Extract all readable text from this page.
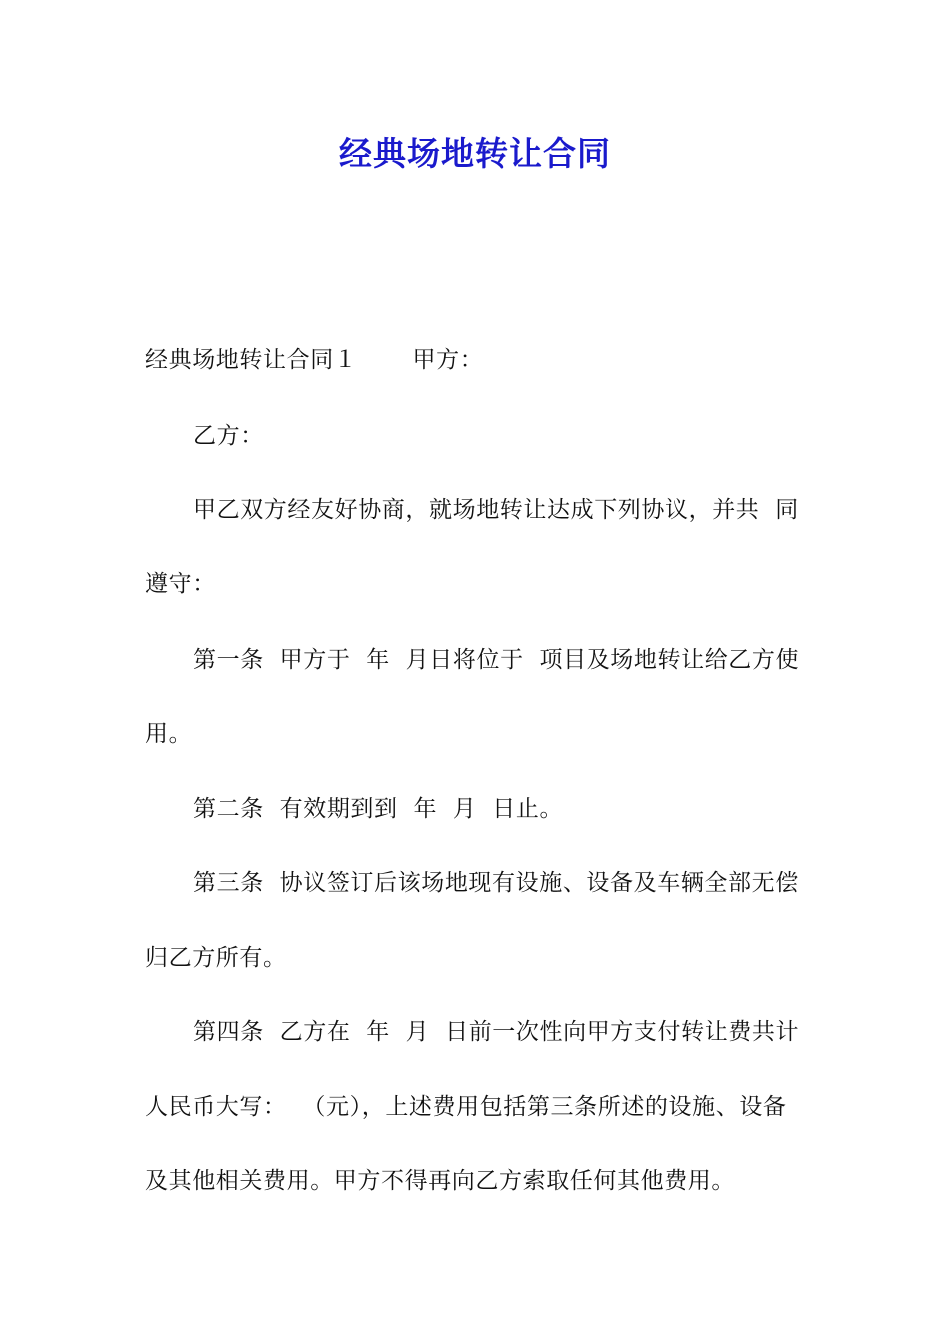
经典场地转让合同
经典场地转让合同１　　 甲方：
乙方：
甲乙双方经友好协商，就场地转让达成下列协议，并共  同
遵守：
第一条  甲方于  年  月日将位于  项目及场地转让给乙方使
用。
第二条  有效期到到  年  月  日止。
第三条  协议签订后该场地现有设施、设备及车辆全部无偿
归乙方所有。
第四条  乙方在  年  月  日前一次性向甲方支付转让费共计
人民币大写：  （元），上述费用包括第三条所述的设施、设备
及其他相关费用。甲方不得再向乙方索取任何其他费用。
